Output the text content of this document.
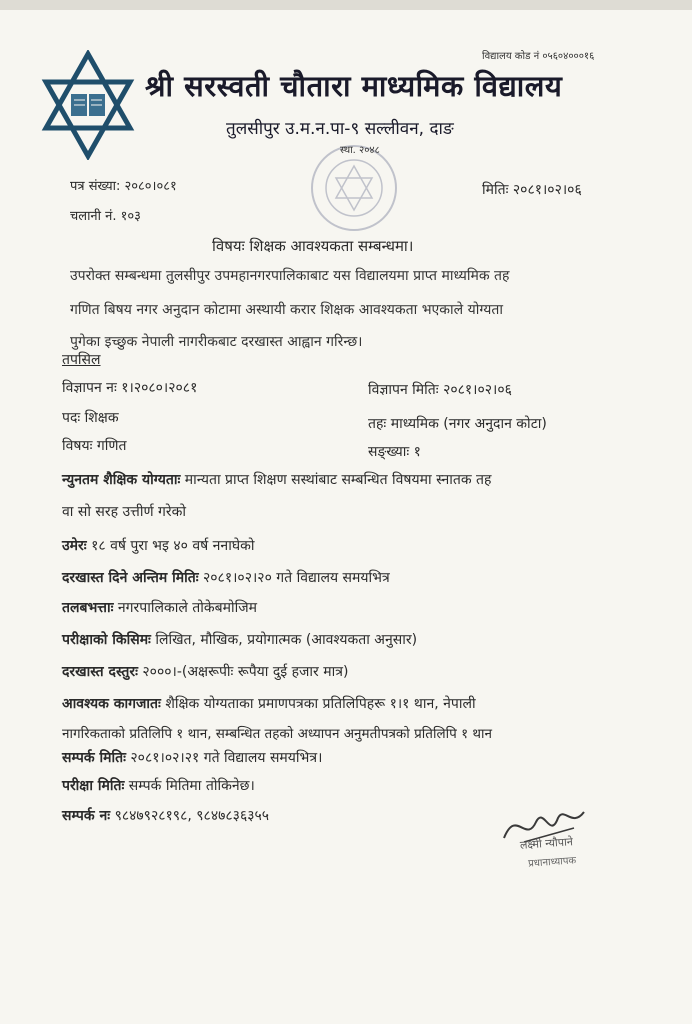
विद्यालय कोड नं ०५६०४०००१६
श्री सरस्वती चौतारा माध्यमिक विद्यालय
तुलसीपुर उ.म.न.पा-९ सल्लीवन, दाङ
स्था. २०४८
पत्र संख्या: २०८०।०८१
चलानी नं. १०३
मितिः २०८१।०२।०६
विषयः शिक्षक आवश्यकता सम्बन्धमा।
उपरोक्त सम्बन्धमा तुलसीपुर उपमहानगरपालिकाबाट यस विद्यालयमा प्राप्त माध्यमिक तह
गणित बिषय नगर अनुदान कोटामा अस्थायी करार शिक्षक आवश्यकता भएकाले योग्यता
पुगेका इच्छुक नेपाली नागरीकबाट दरखास्त आह्वान गरिन्छ।
तपसिल
विज्ञापन नः १।२०८०।२०८१	विज्ञापन मितिः २०८१।०२।०६
पदः शिक्षक	तहः माध्यमिक (नगर अनुदान कोटा)
विषयः गणित	सङ्ख्याः १
न्युनतम शैक्षिक योग्यताः मान्यता प्राप्त शिक्षण सस्थांबाट सम्बन्धित विषयमा स्नातक तह
वा सो सरह उत्तीर्ण गरेको
उमेरः १८ वर्ष पुरा भइ ४० वर्ष ननाघेको
दरखास्त दिने अन्तिम मितिः २०८१।०२।२० गते विद्यालय समयभित्र
तलबभत्ताः नगरपालिकाले तोकेबमोजिम
परीक्षाको किसिमः लिखित, मौखिक, प्रयोगात्मक (आवश्यकता अनुसार)
दरखास्त दस्तुरः २०००।-(अक्षरूपीः रूपैया दुई हजार मात्र)
आवश्यक कागजातः शैक्षिक योग्यताका प्रमाणपत्रका प्रतिलिपिहरू १।१ थान, नेपाली
नागरिकताको प्रतिलिपि १ थान, सम्बन्धित तहको अध्यापन अनुमतीपत्रको प्रतिलिपि १ थान
सम्पर्क मितिः २०८१।०२।२१ गते विद्यालय समयभित्र।
परीक्षा मितिः सम्पर्क मितिमा तोकिनेछ।
सम्पर्क नः ९८४७९२८१९८, ९८४७८३६३५५
लक्ष्मी न्यौपाने
प्रधानाध्यापक
